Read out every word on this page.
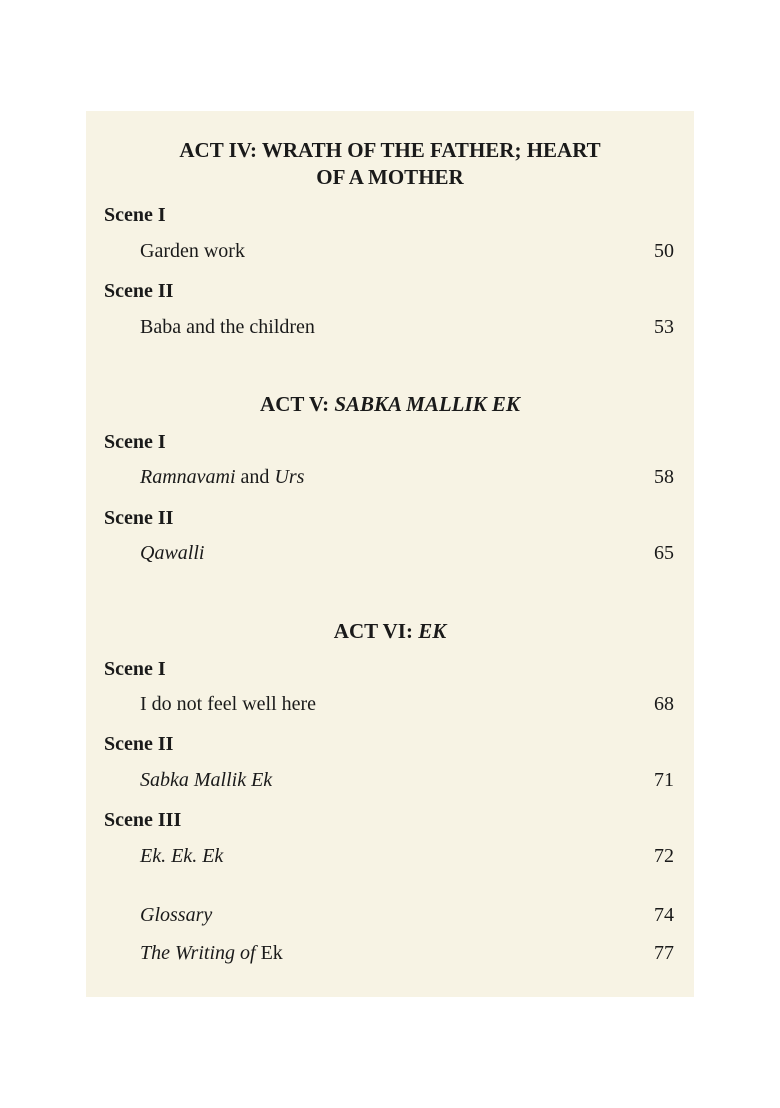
ACT IV: WRATH OF THE FATHER; HEART
OF A MOTHER
Scene I
Garden work	50
Scene II
Baba and the children	53
ACT V: SABKA MALLIK EK
Scene I
Ramnavami and Urs	58
Scene II
Qawalli	65
ACT VI: EK
Scene I
I do not feel well here	68
Scene II
Sabka Mallik Ek	71
Scene III
Ek. Ek. Ek	72
Glossary	74
The Writing of Ek	77
